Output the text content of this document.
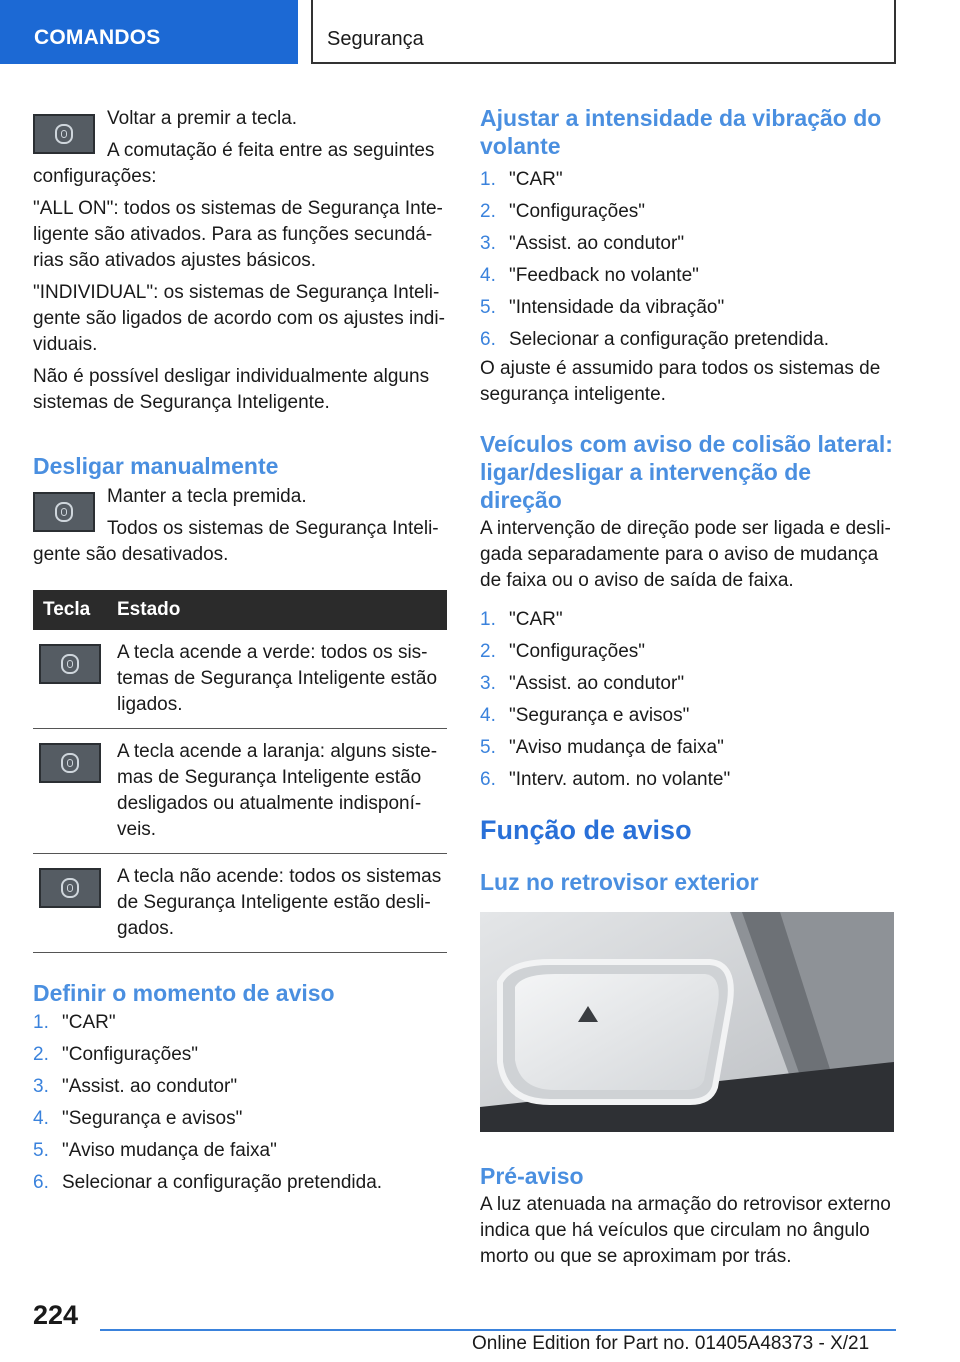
COMANDOS	Segurança

Voltar a premir a tecla.

A comutação é feita entre as seguintes

configurações:

"ALL ON": todos os sistemas de Segurança Inte-ligente são ativados. Para as funções secundá-rias são ativados ajustes básicos.

"INDIVIDUAL": os sistemas de Segurança Inteli-gente são ligados de acordo com os ajustes indi-viduais.

Não é possível desligar individualmente alguns sistemas de Segurança Inteligente.

Desligar manualmente

Manter a tecla premida.

Todos os sistemas de Segurança Inteli-

gente são desativados.

Tecla	Estado

	A tecla acende a verde: todos os sis-temas de Segurança Inteligente estão ligados.

	A tecla acende a laranja: alguns siste-mas de Segurança Inteligente estão desligados ou atualmente indisponí-veis.

	A tecla não acende: todos os sistemas de Segurança Inteligente estão desli-gados.
Definir o momento de aviso
1. "CAR"
2. "Configurações"
3. "Assist. ao condutor"
4. "Segurança e avisos"
5. "Aviso mudança de faixa"
6. Selecionar a configuração pretendida.
Ajustar a intensidade da vibração do volante
1. "CAR"
2. "Configurações"
3. "Assist. ao condutor"
4. "Feedback no volante"
5. "Intensidade da vibração"
6. Selecionar a configuração pretendida.

O ajuste é assumido para todos os sistemas de segurança inteligente.

Veículos com aviso de colisão lateral: ligar/desligar a intervenção de direção

A intervenção de direção pode ser ligada e desli-gada separadamente para o aviso de mudança de faixa ou o aviso de saída de faixa.

1. "CAR"
2. "Configurações"
3. "Assist. ao condutor"
4. "Segurança e avisos"
5. "Aviso mudança de faixa"
6. "Interv. autom. no volante"
Função de aviso
Luz no retrovisor exterior
Pré-aviso

A luz atenuada na armação do retrovisor externo indica que há veículos que circulam no ângulo morto ou que se aproximam por trás.

224
Online Edition for Part no. 01405A48373 - X/21
